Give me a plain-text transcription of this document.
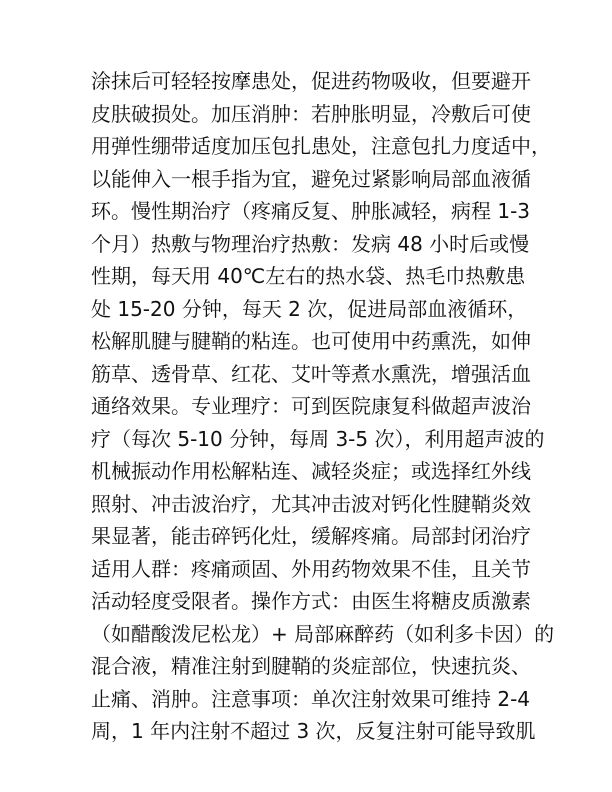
涂抹后可轻轻按摩患处，促进药物吸收，但要避开
皮肤破损处。加压消肿：若肿胀明显，冷敷后可使
用弹性绷带适度加压包扎患处，注意包扎力度适中，
以能伸入一根手指为宜，避免过紧影响局部血液循
环。慢性期治疗（疼痛反复、肿胀减轻，病程 1-3
个月）热敷与物理治疗热敷：发病 48 小时后或慢
性期，每天用 40℃左右的热水袋、热毛巾热敷患
处 15-20 分钟，每天 2 次，促进局部血液循环，
松解肌腱与腱鞘的粘连。也可使用中药熏洗，如伸
筋草、透骨草、红花、艾叶等煮水熏洗，增强活血
通络效果。专业理疗：可到医院康复科做超声波治
疗（每次 5-10 分钟，每周 3-5 次），利用超声波的
机械振动作用松解粘连、减轻炎症；或选择红外线
照射、冲击波治疗，尤其冲击波对钙化性腱鞘炎效
果显著，能击碎钙化灶，缓解疼痛。局部封闭治疗
适用人群：疼痛顽固、外用药物效果不佳，且关节
活动轻度受限者。操作方式：由医生将糖皮质激素
（如醋酸泼尼松龙）+ 局部麻醉药（如利多卡因）的
混合液，精准注射到腱鞘的炎症部位，快速抗炎、
止痛、消肿。注意事项：单次注射效果可维持 2-4
周，1 年内注射不超过 3 次，反复注射可能导致肌
